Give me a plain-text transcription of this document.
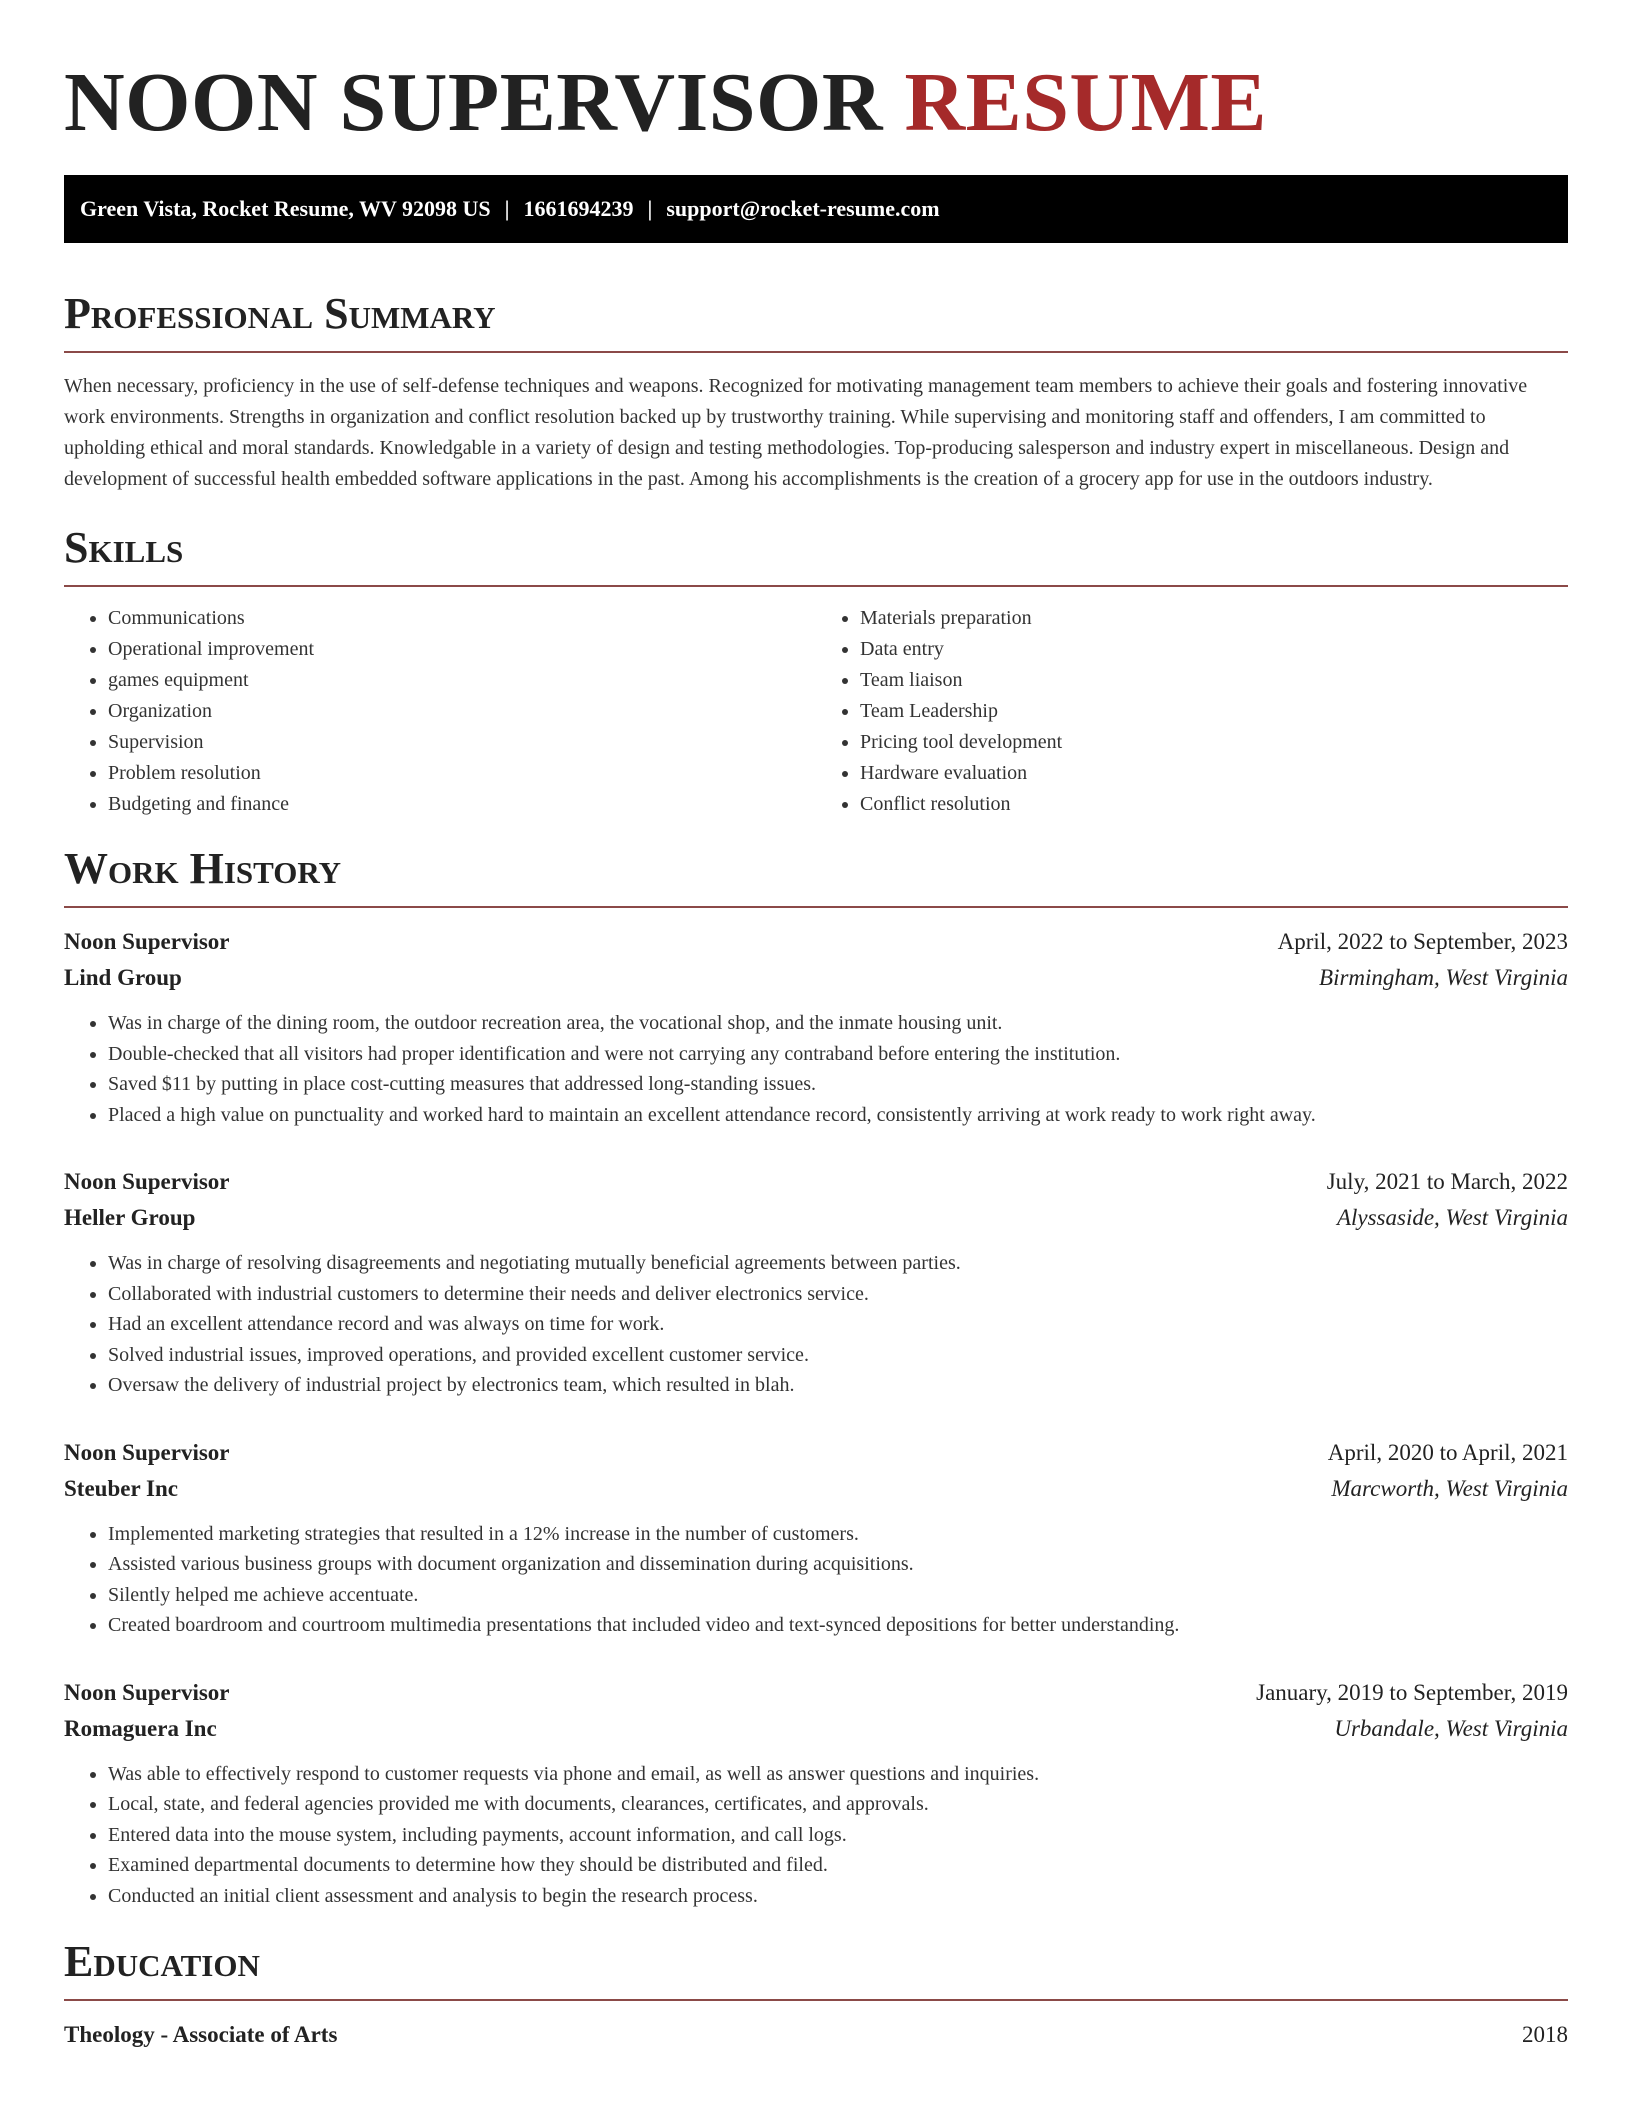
NOON SUPERVISOR RESUME
Green Vista, Rocket Resume, WV 92098 US | 1661694239 | support@rocket-resume.com
Professional Summary

When necessary, proficiency in the use of self-defense techniques and weapons. Recognized for motivating management team members to achieve their goals and fostering innovative work environments. Strengths in organization and conflict resolution backed up by trustworthy training. While supervising and monitoring staff and offenders, I am committed to upholding ethical and moral standards. Knowledgable in a variety of design and testing methodologies. Top-producing salesperson and industry expert in miscellaneous. Design and development of successful health embedded software applications in the past. Among his accomplishments is the creation of a grocery app for use in the outdoors industry.

Skills
• Communications
• Operational improvement
• games equipment
• Organization
• Supervision
• Problem resolution
• Budgeting and finance
• Materials preparation
• Data entry
• Team liaison
• Team Leadership
• Pricing tool development
• Hardware evaluation
• Conflict resolution
Work History
Noon Supervisor	April, 2022 to September, 2023
Lind Group	Birmingham, West Virginia
• Was in charge of the dining room, the outdoor recreation area, the vocational shop, and the inmate housing unit.
• Double-checked that all visitors had proper identification and were not carrying any contraband before entering the institution.
• Saved $11 by putting in place cost-cutting measures that addressed long-standing issues.
• Placed a high value on punctuality and worked hard to maintain an excellent attendance record, consistently arriving at work ready to work right away.
Noon Supervisor	July, 2021 to March, 2022
Heller Group	Alyssaside, West Virginia
• Was in charge of resolving disagreements and negotiating mutually beneficial agreements between parties.
• Collaborated with industrial customers to determine their needs and deliver electronics service.
• Had an excellent attendance record and was always on time for work.
• Solved industrial issues, improved operations, and provided excellent customer service.
• Oversaw the delivery of industrial project by electronics team, which resulted in blah.
Noon Supervisor	April, 2020 to April, 2021
Steuber Inc	Marcworth, West Virginia
• Implemented marketing strategies that resulted in a 12% increase in the number of customers.
• Assisted various business groups with document organization and dissemination during acquisitions.
• Silently helped me achieve accentuate.
• Created boardroom and courtroom multimedia presentations that included video and text-synced depositions for better understanding.
Noon Supervisor	January, 2019 to September, 2019
Romaguera Inc	Urbandale, West Virginia
• Was able to effectively respond to customer requests via phone and email, as well as answer questions and inquiries.
• Local, state, and federal agencies provided me with documents, clearances, certificates, and approvals.
• Entered data into the mouse system, including payments, account information, and call logs.
• Examined departmental documents to determine how they should be distributed and filed.
• Conducted an initial client assessment and analysis to begin the research process.
Education
Theology - Associate of Arts	2018
